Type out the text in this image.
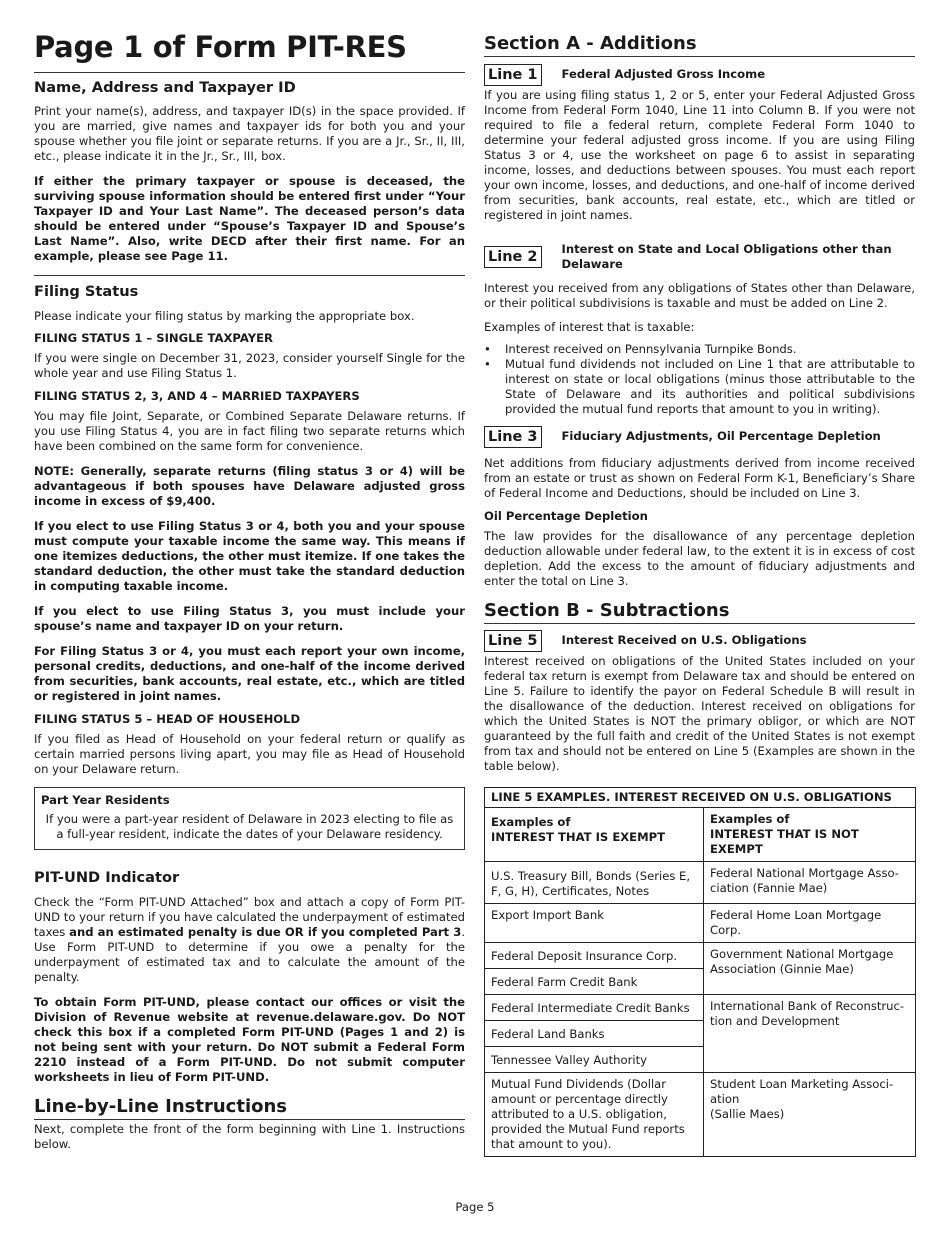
Page 1 of Form PIT-RES
Name, Address and Taxpayer ID

Print your name(s), address, and taxpayer ID(s) in the space provided. If you are married, give names and taxpayer ids for both you and your spouse whether you file joint or separate returns. If you are a Jr., Sr., II, III, etc., please indicate it in the Jr., Sr., III, box.

If either the primary taxpayer or spouse is deceased, the surviving spouse information should be entered first under “Your Taxpayer ID and Your Last Name”. The deceased person’s data should be entered under “Spouse’s Taxpayer ID and Spouse’s Last Name”. Also, write DECD after their first name. For an example, please see Page 11.

Filing Status

Please indicate your filing status by marking the appropriate box.

FILING STATUS 1 – SINGLE TAXPAYER

If you were single on December 31, 2023, consider yourself Single for the whole year and use Filing Status 1.

FILING STATUS 2, 3, AND 4 – MARRIED TAXPAYERS

You may file Joint, Separate, or Combined Separate Delaware returns. If you use Filing Status 4, you are in fact filing two separate returns which have been combined on the same form for convenience.

NOTE: Generally, separate returns (filing status 3 or 4) will be advantageous if both spouses have Delaware adjusted gross income in excess of $9,400.

If you elect to use Filing Status 3 or 4, both you and your spouse must compute your taxable income the same way. This means if one itemizes deductions, the other must itemize. If one takes the standard deduction, the other must take the standard deduction in computing taxable income.

If you elect to use Filing Status 3, you must include your spouse’s name and taxpayer ID on your return.

For Filing Status 3 or 4, you must each report your own income, personal credits, deductions, and one-half of the income derived from securities, bank accounts, real estate, etc., which are titled or registered in joint names.

FILING STATUS 5 – HEAD OF HOUSEHOLD

If you filed as Head of Household on your federal return or qualify as certain married persons living apart, you may file as Head of Household on your Delaware return.

Part Year Residents
If you were a part-year resident of Delaware in 2023 electing to file as a full-year resident, indicate the dates of your Delaware residency.
PIT-UND Indicator

Check the “Form PIT-UND Attached” box and attach a copy of Form PIT-UND to your return if you have calculated the underpayment of estimated taxes and an estimated penalty is due OR if you completed Part 3. Use Form PIT-UND to determine if you owe a penalty for the underpayment of estimated tax and to calculate the amount of the penalty.

To obtain Form PIT-UND, please contact our offices or visit the Division of Revenue website at revenue.delaware.gov. Do NOT check this box if a completed Form PIT-UND (Pages 1 and 2) is not being sent with your return. Do NOT submit a Federal Form 2210 instead of a Form PIT-UND. Do not submit computer worksheets in lieu of Form PIT-UND.

Line-by-Line Instructions

Next, complete the front of the form beginning with Line 1. Instructions below.

Section A - Additions
Line 1	Federal Adjusted Gross Income

If you are using filing status 1, 2 or 5, enter your Federal Adjusted Gross Income from Federal Form 1040, Line 11 into Column B. If you were not required to file a federal return, complete Federal Form 1040 to determine your federal adjusted gross income. If you are using Filing Status 3 or 4, use the worksheet on page 6 to assist in separating income, losses, and deductions between spouses. You must each report your own income, losses, and deductions, and one-half of income derived from securities, bank accounts, real estate, etc., which are titled or registered in joint names.

Line 2	Interest on State and Local Obligations other than Delaware

Interest you received from any obligations of States other than Delaware, or their political subdivisions is taxable and must be added on Line 2.

Examples of interest that is taxable:

• Interest received on Pennsylvania Turnpike Bonds.
• Mutual fund dividends not included on Line 1 that are attributable to interest on state or local obligations (minus those attributable to the State of Delaware and its authorities and political subdivisions provided the mutual fund reports that amount to you in writing).
Line 3	Fiduciary Adjustments, Oil Percentage Depletion

Net additions from fiduciary adjustments derived from income received from an estate or trust as shown on Federal Form K-1, Beneficiary’s Share of Federal Income and Deductions, should be included on Line 3.

Oil Percentage Depletion

The law provides for the disallowance of any percentage depletion deduction allowable under federal law, to the extent it is in excess of cost depletion. Add the excess to the amount of fiduciary adjustments and enter the total on Line 3.

Section B - Subtractions
Line 5	Interest Received on U.S. Obligations

Interest received on obligations of the United States included on your federal tax return is exempt from Delaware tax and should be entered on Line 5. Failure to identify the payor on Federal Schedule B will result in the disallowance of the deduction. Interest received on obligations for which the United States is NOT the primary obligor, or which are NOT guaranteed by the full faith and credit of the United States is not exempt from tax and should not be entered on Line 5 (Examples are shown in the table below).

LINE 5 EXAMPLES. INTEREST RECEIVED ON U.S. OBLIGATIONS	
Examples of
INTEREST THAT IS EXEMPT	Examples of
INTEREST THAT IS NOT EXEMPT
U.S. Treasury Bill, Bonds (Series E, F, G, H), Certificates, Notes	Federal National Mortgage Asso-ciation (Fannie Mae)
Export Import Bank	Federal Home Loan Mortgage Corp.
Federal Deposit Insurance Corp.	Government National Mortgage Association (Ginnie Mae)
Federal Farm Credit Bank	
Federal Intermediate Credit Banks	International Bank of Reconstruc-tion and Development
Federal Land Banks	
Tennessee Valley Authority	
Mutual Fund Dividends (Dollar amount or percentage directly attributed to a U.S. obligation, provided the Mutual Fund reports that amount to you).	Student Loan Marketing Associ-ation
(Sallie Maes)
Page 5
